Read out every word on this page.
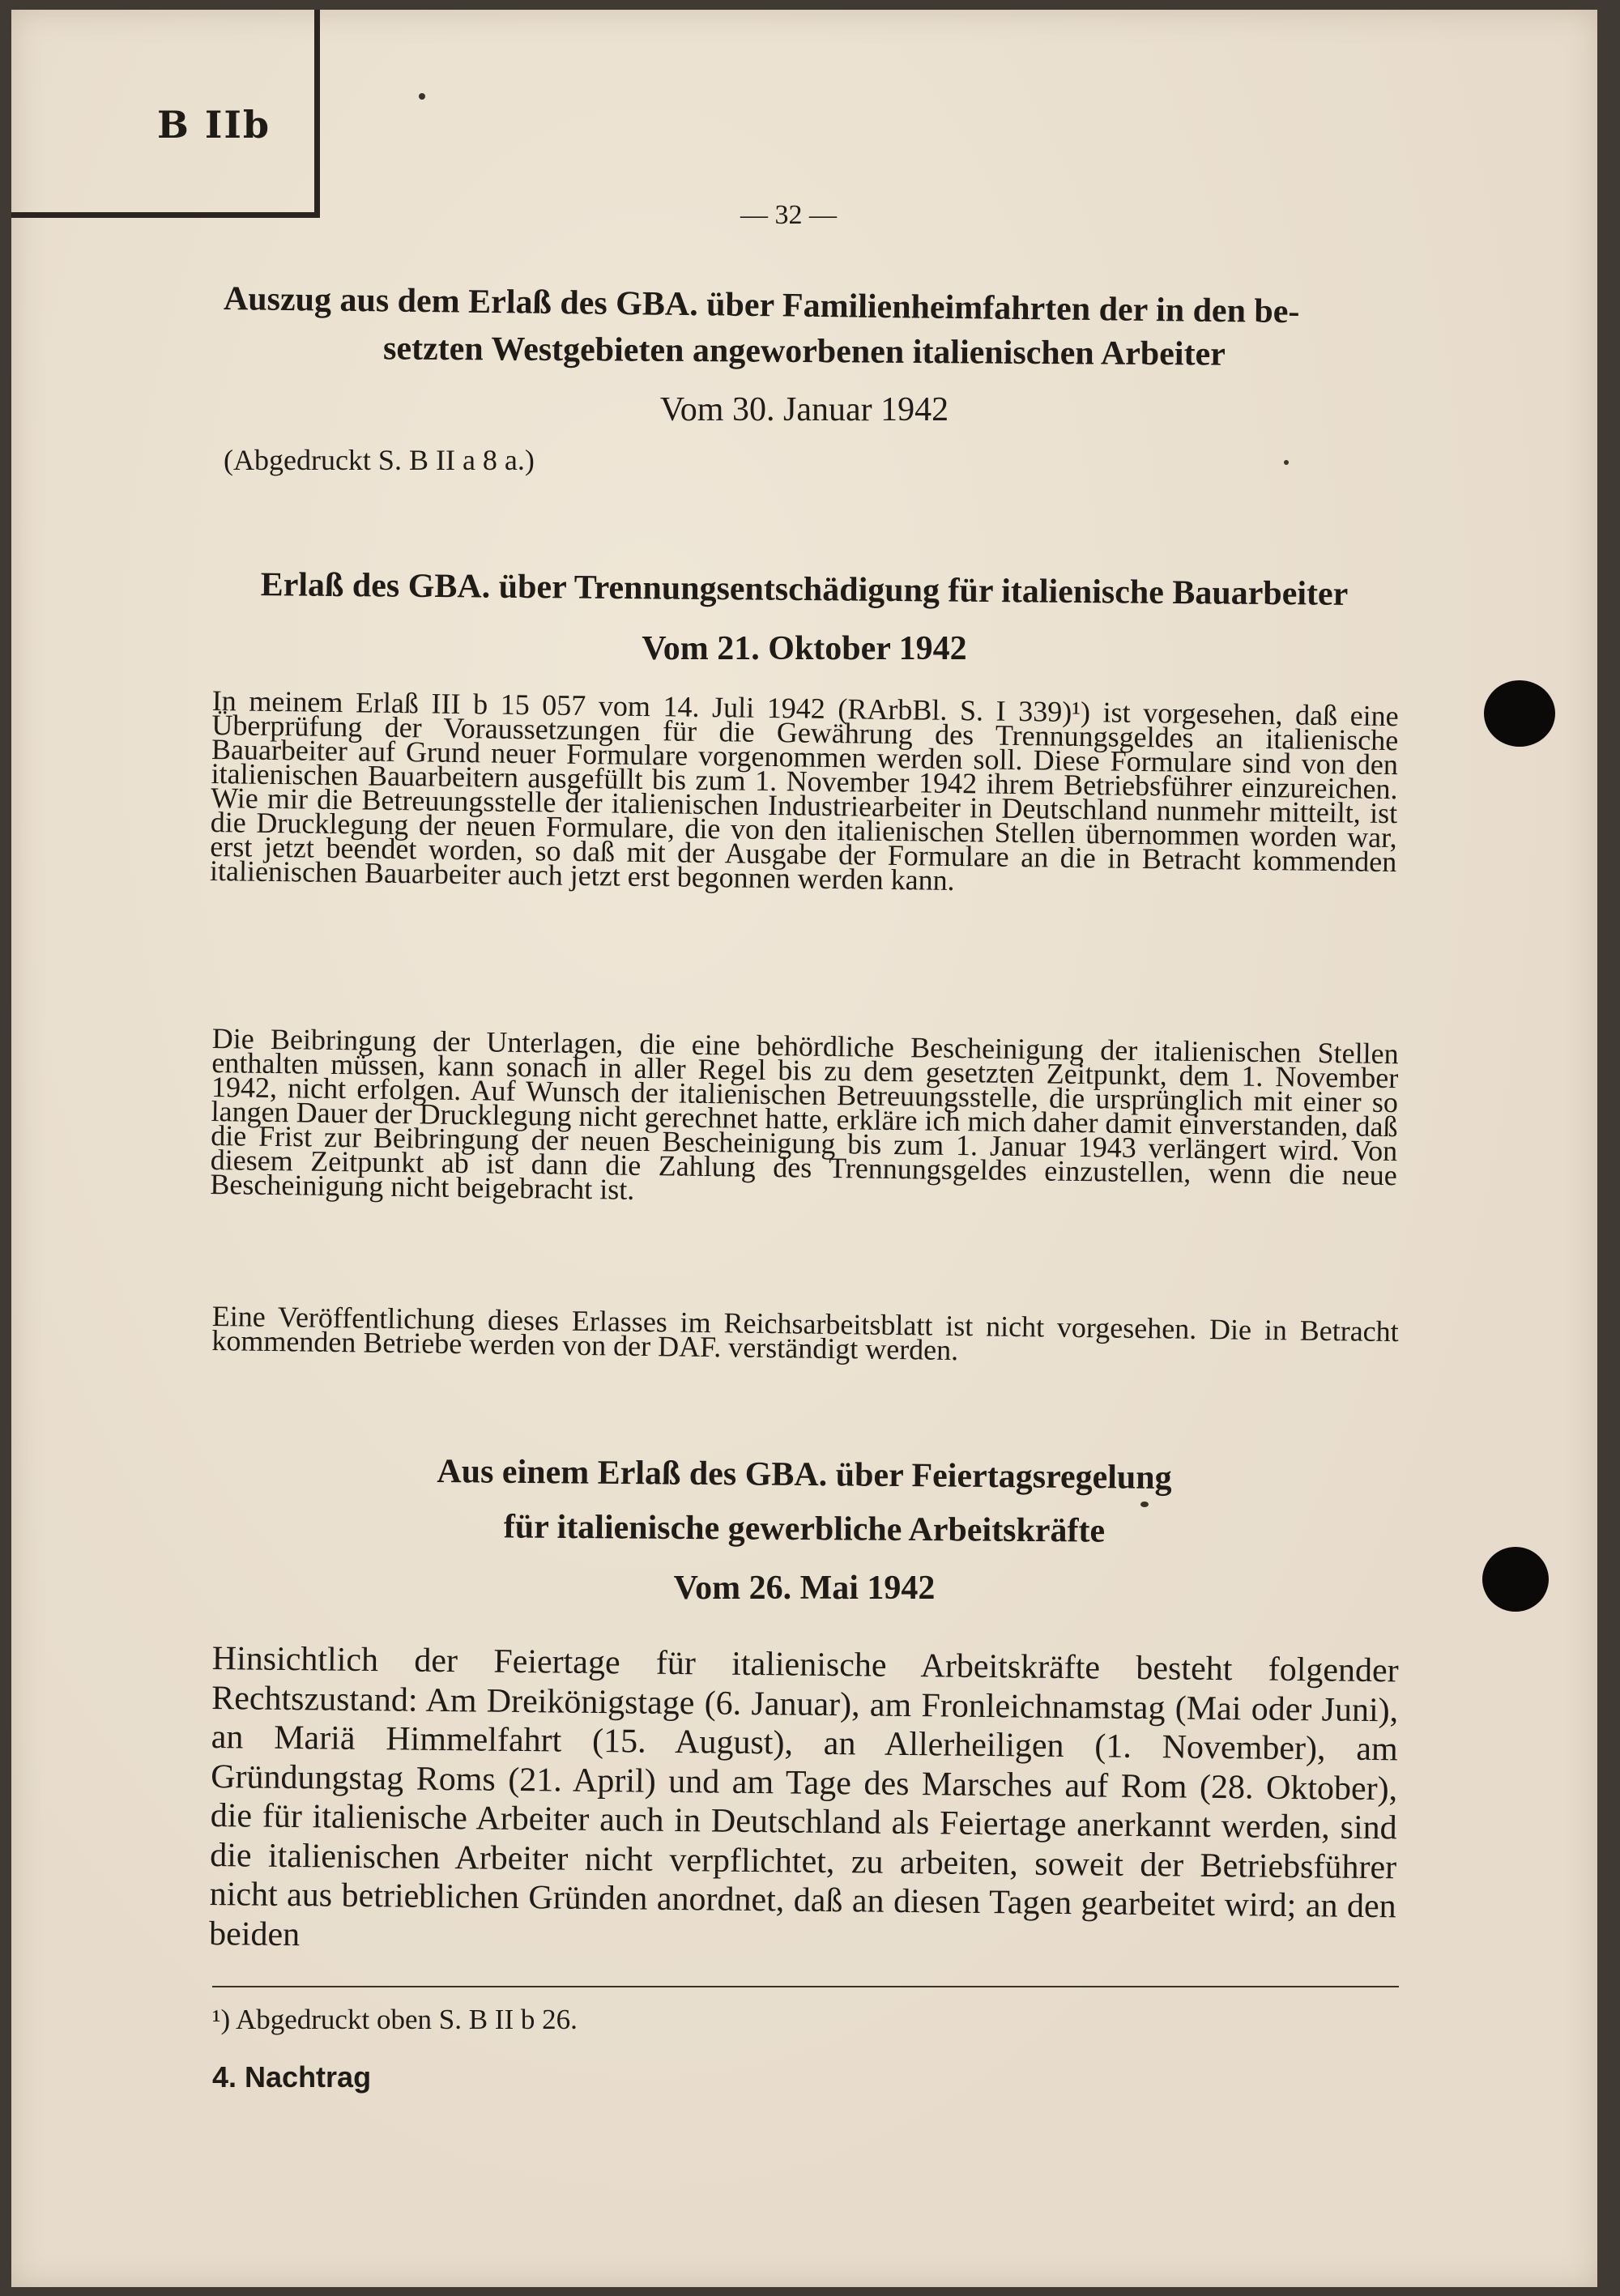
B IIb
— 32 —
Auszug aus dem Erlaß des GBA. über Familienheimfahrten der in den be-
setzten Westgebieten angeworbenen italienischen Arbeiter
Vom 30. Januar 1942
(Abgedruckt S. B II a 8 a.)
Erlaß des GBA. über Trennungsentschädigung für italienische Bauarbeiter
Vom 21. Oktober 1942
In meinem Erlaß III b 15 057 vom 14. Juli 1942 (RArbBl. S. I 339)¹) ist vorgesehen, daß eine Überprüfung der Voraussetzungen für die Gewährung des Trennungsgeldes an italienische Bauarbeiter auf Grund neuer Formulare vorgenommen werden soll. Diese Formulare sind von den italienischen Bauarbeitern ausgefüllt bis zum 1. November 1942 ihrem Betriebsführer einzureichen. Wie mir die Betreuungsstelle der italienischen Industriearbeiter in Deutschland nunmehr mitteilt, ist die Drucklegung der neuen Formulare, die von den italienischen Stellen übernommen worden war, erst jetzt beendet worden, so daß mit der Ausgabe der Formulare an die in Betracht kommenden italienischen Bauarbeiter auch jetzt erst begonnen werden kann.
Die Beibringung der Unterlagen, die eine behördliche Bescheinigung der italienischen Stellen enthalten müssen, kann sonach in aller Regel bis zu dem gesetzten Zeitpunkt, dem 1. November 1942, nicht erfolgen. Auf Wunsch der italienischen Betreuungsstelle, die ursprünglich mit einer so langen Dauer der Drucklegung nicht gerechnet hatte, erkläre ich mich daher damit einverstanden, daß die Frist zur Beibringung der neuen Bescheinigung bis zum 1. Januar 1943 verlängert wird. Von diesem Zeitpunkt ab ist dann die Zahlung des Trennungsgeldes einzustellen, wenn die neue Bescheinigung nicht beigebracht ist.
Eine Veröffentlichung dieses Erlasses im Reichsarbeitsblatt ist nicht vorgesehen. Die in Betracht kommenden Betriebe werden von der DAF. verständigt werden.
Aus einem Erlaß des GBA. über Feiertagsregelung
für italienische gewerbliche Arbeitskräfte
Vom 26. Mai 1942
Hinsichtlich der Feiertage für italienische Arbeitskräfte besteht folgender Rechtszustand: Am Dreikönigstage (6. Januar), am Fronleichnamstag (Mai oder Juni), an Mariä Himmelfahrt (15. August), an Allerheiligen (1. November), am Gründungstag Roms (21. April) und am Tage des Marsches auf Rom (28. Oktober), die für italienische Arbeiter auch in Deutschland als Feiertage anerkannt werden, sind die italienischen Arbeiter nicht verpflichtet, zu arbeiten, soweit der Betriebsführer nicht aus betrieblichen Gründen anordnet, daß an diesen Tagen gearbeitet wird; an den beiden
¹) Abgedruckt oben S. B II b 26.
4. Nachtrag
